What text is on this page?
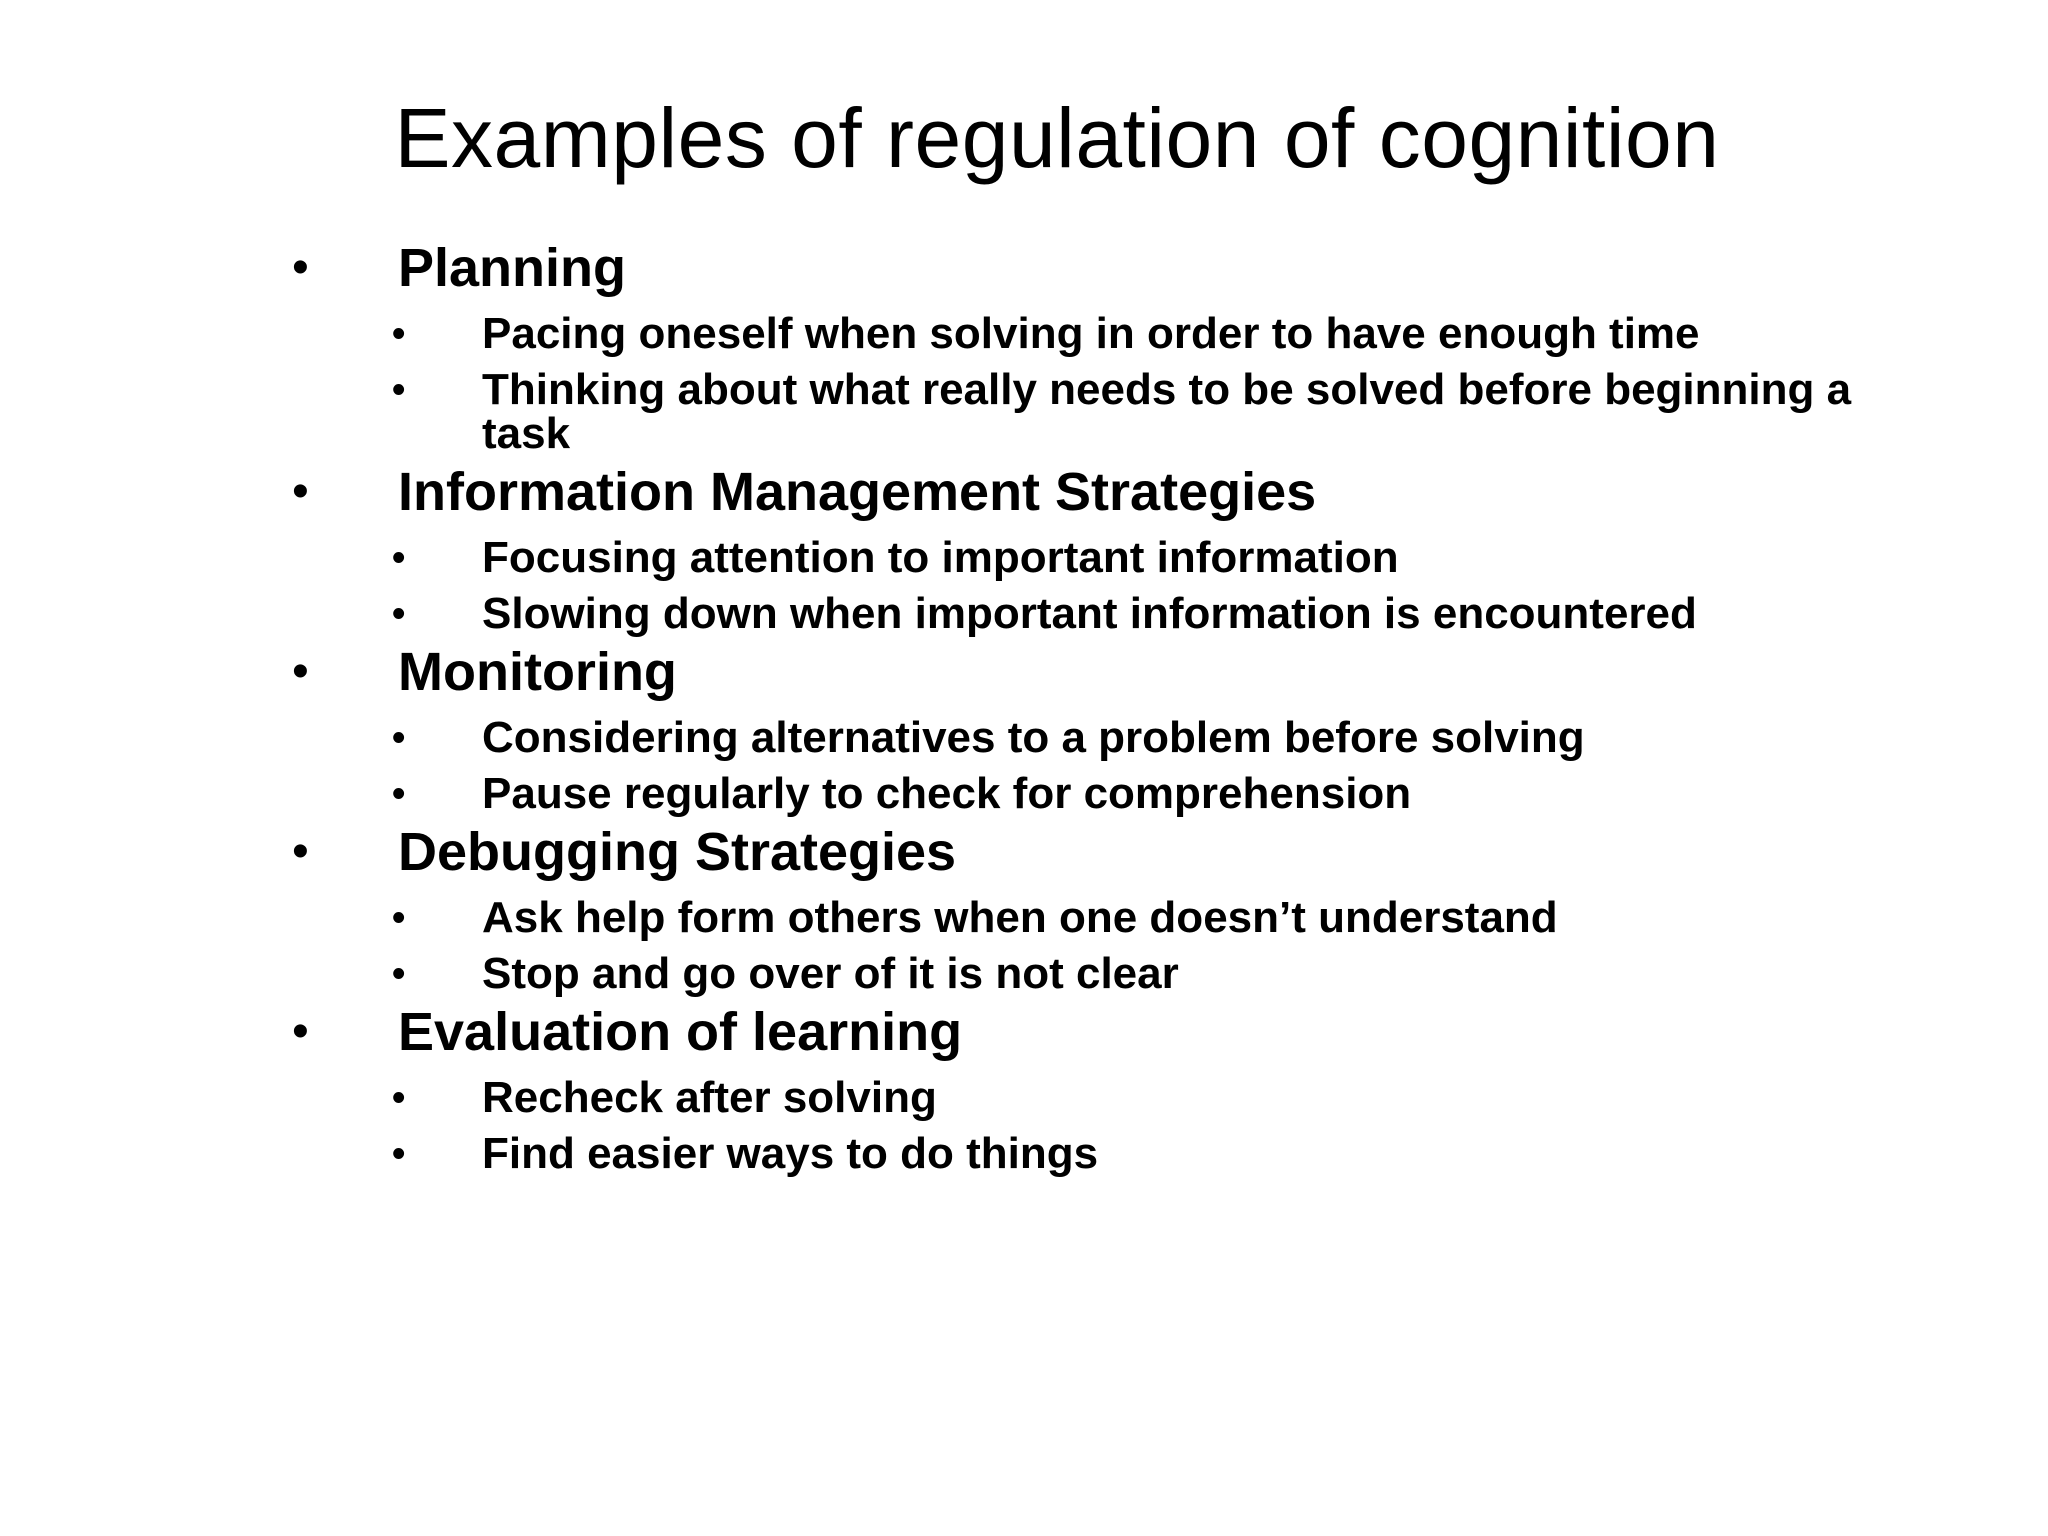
Examples of regulation of cognition
•	Planning
•	Pacing oneself when solving in order to have enough time
•	Thinking about what really needs to be solved before beginning a task
•	Information Management Strategies
•	Focusing attention to important information
•	Slowing down when important information is encountered
•	Monitoring
•	Considering alternatives to a problem before solving
•	Pause regularly to check for comprehension
•	Debugging Strategies
•	Ask help form others when one doesn’t understand
•	Stop and go over of it is not clear
•	Evaluation of learning
•	Recheck after solving
•	Find easier ways to do things
